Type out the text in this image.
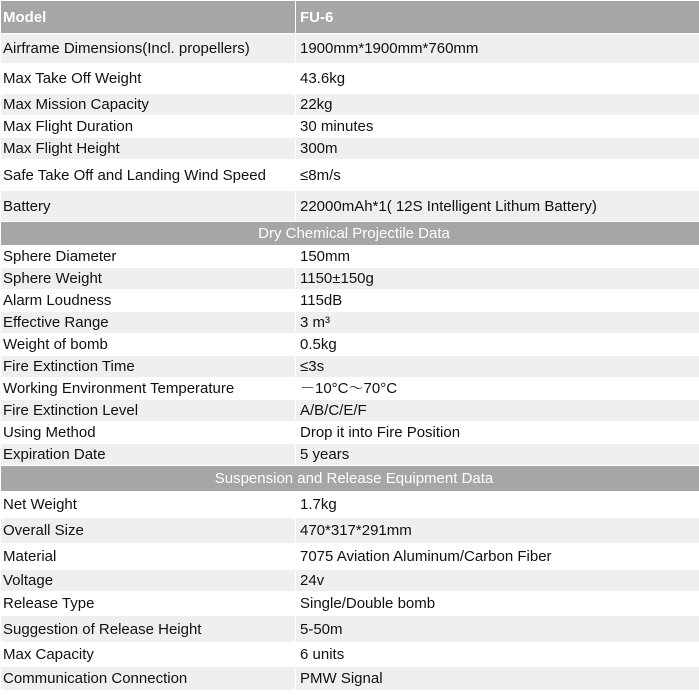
Model	FU-6
Airframe Dimensions(Incl. propellers)	1900mm*1900mm*760mm
Max Take Off Weight	43.6kg
Max Mission Capacity	22kg
Max Flight Duration	30 minutes
Max Flight Height	300m
Safe Take Off and Landing Wind Speed	≤8m/s
Battery	22000mAh*1( 12S Intelligent Lithum Battery)
Dry Chemical Projectile Data	
Sphere Diameter	150mm
Sphere Weight	1150±150g
Alarm Loudness	115dB
Effective Range	3 m³
Weight of bomb	0.5kg
Fire Extinction Time	≤3s
Working Environment Temperature	－10°C～70°C
Fire Extinction Level	A/B/C/E/F
Using Method	Drop it into Fire Position
Expiration Date	5 years
Suspension and Release Equipment Data	
Net Weight	1.7kg
Overall Size	470*317*291mm
Material	7075 Aviation Aluminum/Carbon Fiber
Voltage	24v
Release Type	Single/Double bomb
Suggestion of Release Height	5-50m
Max Capacity	6 units
Communication Connection	PMW Signal
